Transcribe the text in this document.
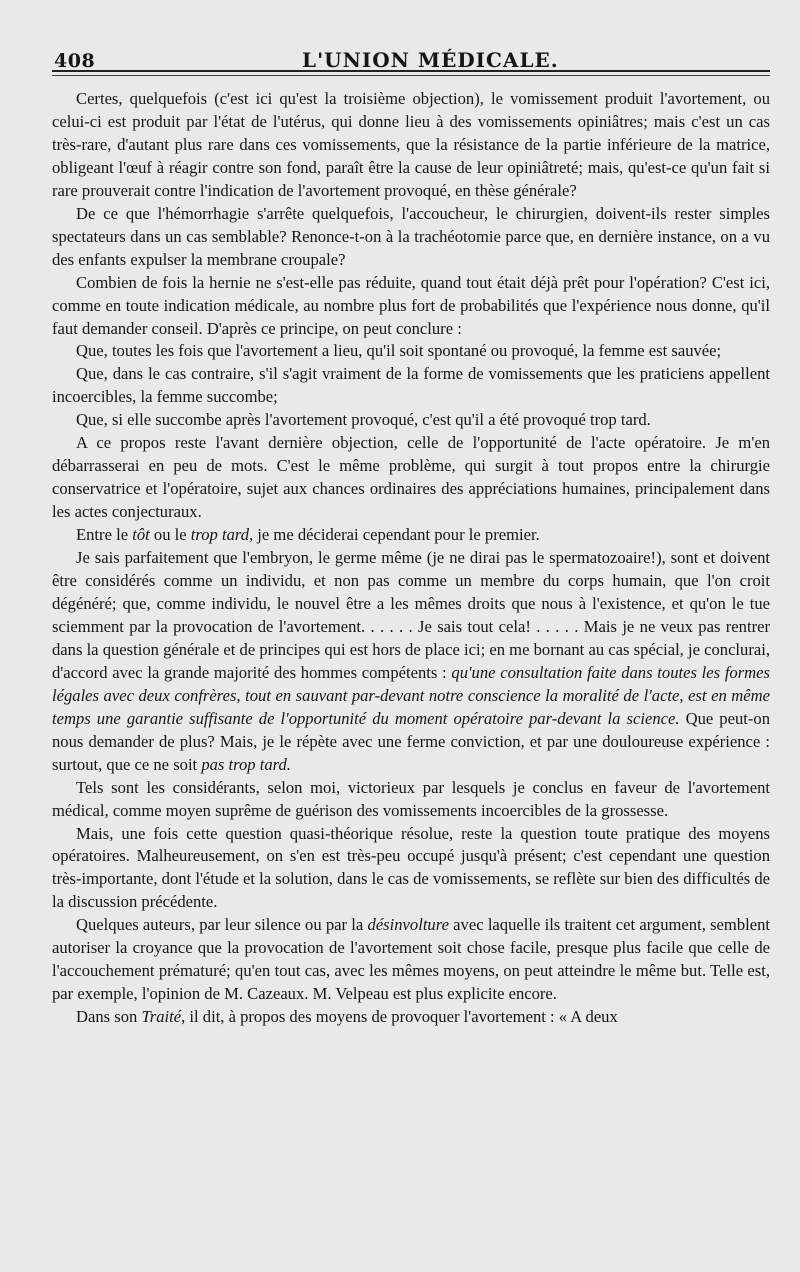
408	L'UNION MÉDICALE.

Certes, quelquefois (c'est ici qu'est la troisième objection), le vomissement produit l'avortement, ou celui-ci est produit par l'état de l'utérus, qui donne lieu à des vomissements opiniâtres; mais c'est un cas très-rare, d'autant plus rare dans ces vomissements, que la résistance de la partie inférieure de la matrice, obligeant l'œuf à réagir contre son fond, paraît être la cause de leur opiniâtreté; mais, qu'est-ce qu'un fait si rare prouverait contre l'indication de l'avortement provoqué, en thèse générale?

De ce que l'hémorrhagie s'arrête quelquefois, l'accoucheur, le chirurgien, doivent-ils rester simples spectateurs dans un cas semblable? Renonce-t-on à la trachéotomie parce que, en dernière instance, on a vu des enfants expulser la membrane croupale?

Combien de fois la hernie ne s'est-elle pas réduite, quand tout était déjà prêt pour l'opération? C'est ici, comme en toute indication médicale, au nombre plus fort de probabilités que l'expérience nous donne, qu'il faut demander conseil. D'après ce principe, on peut conclure :

Que, toutes les fois que l'avortement a lieu, qu'il soit spontané ou provoqué, la femme est sauvée;

Que, dans le cas contraire, s'il s'agit vraiment de la forme de vomissements que les praticiens appellent incoercibles, la femme succombe;

Que, si elle succombe après l'avortement provoqué, c'est qu'il a été provoqué trop tard.

A ce propos reste l'avant dernière objection, celle de l'opportunité de l'acte opératoire. Je m'en débarrasserai en peu de mots. C'est le même problème, qui surgit à tout propos entre la chirurgie conservatrice et l'opératoire, sujet aux chances ordinaires des appréciations humaines, principalement dans les actes conjecturaux.

Entre le tôt ou le trop tard, je me déciderai cependant pour le premier.

Je sais parfaitement que l'embryon, le germe même (je ne dirai pas le spermatozoaire!), sont et doivent être considérés comme un individu, et non pas comme un membre du corps humain, que l'on croit dégénéré; que, comme individu, le nouvel être a les mêmes droits que nous à l'existence, et qu'on le tue sciemment par la provocation de l'avortement. . . . . . Je sais tout cela! . . . . . Mais je ne veux pas rentrer dans la question générale et de principes qui est hors de place ici; en me bornant au cas spécial, je conclurai, d'accord avec la grande majorité des hommes compétents : qu'une consultation faite dans toutes les formes légales avec deux confrères, tout en sauvant par-devant notre conscience la moralité de l'acte, est en même temps une garantie suffisante de l'opportunité du moment opératoire par-devant la science. Que peut-on nous demander de plus? Mais, je le répète avec une ferme conviction, et par une douloureuse expérience : surtout, que ce ne soit pas trop tard.

Tels sont les considérants, selon moi, victorieux par lesquels je conclus en faveur de l'avortement médical, comme moyen suprême de guérison des vomissements incoercibles de la grossesse.

Mais, une fois cette question quasi-théorique résolue, reste la question toute pratique des moyens opératoires. Malheureusement, on s'en est très-peu occupé jusqu'à présent; c'est cependant une question très-importante, dont l'étude et la solution, dans le cas de vomissements, se reflète sur bien des difficultés de la discussion précédente.

Quelques auteurs, par leur silence ou par la désinvolture avec laquelle ils traitent cet argument, semblent autoriser la croyance que la provocation de l'avortement soit chose facile, presque plus facile que celle de l'accouchement prématuré; qu'en tout cas, avec les mêmes moyens, on peut atteindre le même but. Telle est, par exemple, l'opinion de M. Cazeaux. M. Velpeau est plus explicite encore.

Dans son Traité, il dit, à propos des moyens de provoquer l'avortement : « A deux
